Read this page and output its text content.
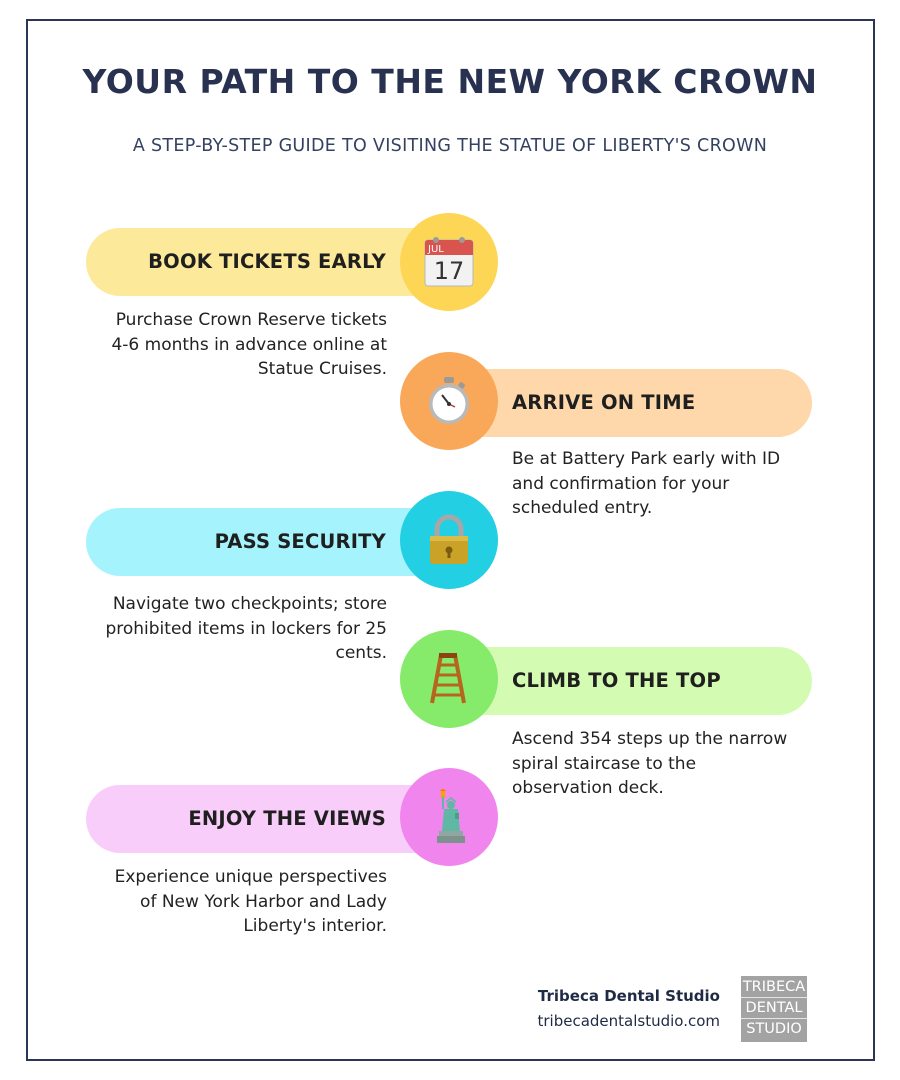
YOUR PATH TO THE NEW YORK CROWN
A STEP-BY-STEP GUIDE TO VISITING THE STATUE OF LIBERTY'S CROWN
BOOK TICKETS EARLY
JUL
17
Purchase Crown Reserve tickets 4-6 months in advance online at Statue Cruises.
ARRIVE ON TIME
Be at Battery Park early with ID and confirmation for your scheduled entry.
PASS SECURITY
Navigate two checkpoints; store prohibited items in lockers for 25 cents.
CLIMB TO THE TOP
Ascend 354 steps up the narrow spiral staircase to the observation deck.
ENJOY THE VIEWS
Experience unique perspectives of New York Harbor and Lady Liberty's interior.
Tribeca Dental Studio
tribecadentalstudio.com
TRIBECA
DENTAL
STUDIO
